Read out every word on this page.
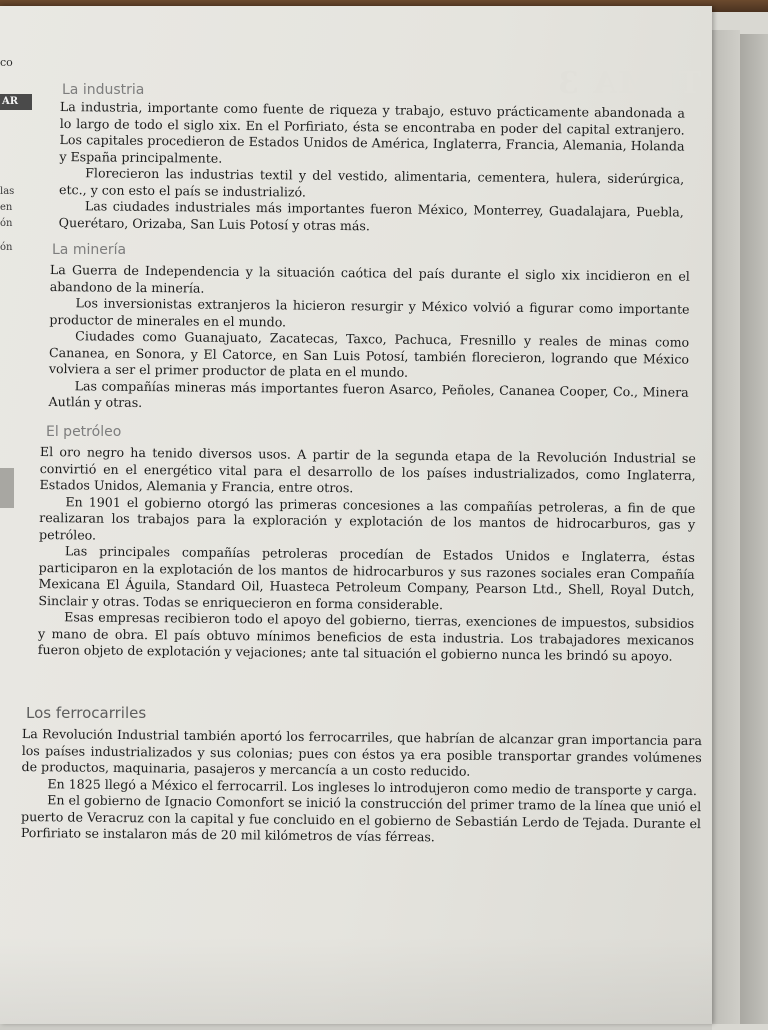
TEMA 3
co
AR
las
en
ón
ón
La industria

La industria, importante como fuente de riqueza y trabajo, estuvo prácticamente abandonada a lo largo de todo el siglo xix. En el Porfiriato, ésta se encontraba en poder del capital extranjero. Los capitales procedieron de Estados Unidos de América, Inglaterra, Francia, Alemania, Holanda y España principalmente.

Florecieron las industrias textil y del vestido, alimentaria, cementera, hulera, siderúrgica, etc., y con esto el país se industrializó.

Las ciudades industriales más importantes fueron México, Monterrey, Guadalajara, Puebla, Querétaro, Orizaba, San Luis Potosí y otras más.

La minería

La Guerra de Independencia y la situación caótica del país durante el siglo xix incidieron en el abandono de la minería.

Los inversionistas extranjeros la hicieron resurgir y México volvió a figurar como importante productor de minerales en el mundo.

Ciudades como Guanajuato, Zacatecas, Taxco, Pachuca, Fresnillo y reales de minas como Cananea, en Sonora, y El Catorce, en San Luis Potosí, también florecieron, logrando que México volviera a ser el primer productor de plata en el mundo.

Las compañías mineras más importantes fueron Asarco, Peñoles, Cananea Cooper, Co., Minera Autlán y otras.

El petróleo

El oro negro ha tenido diversos usos. A partir de la segunda etapa de la Revolución Industrial se convirtió en el energético vital para el desarrollo de los países industrializados, como Inglaterra, Estados Unidos, Alemania y Francia, entre otros.

En 1901 el gobierno otorgó las primeras concesiones a las compañías petroleras, a fin de que realizaran los trabajos para la exploración y explotación de los mantos de hidrocarburos, gas y petróleo.

Las principales compañías petroleras procedían de Estados Unidos e Inglaterra, éstas participaron en la explotación de los mantos de hidrocarburos y sus razones sociales eran Compañía Mexicana El Águila, Standard Oil, Huasteca Petroleum Company, Pearson Ltd., Shell, Royal Dutch, Sinclair y otras. Todas se enriquecieron en forma considerable.

Esas empresas recibieron todo el apoyo del gobierno, tierras, exenciones de impuestos, subsidios y mano de obra. El país obtuvo mínimos beneficios de esta industria. Los trabajadores mexicanos fueron objeto de explotación y vejaciones; ante tal situación el gobierno nunca les brindó su apoyo.

Los ferrocarriles

La Revolución Industrial también aportó los ferrocarriles, que habrían de alcanzar gran importancia para los países industrializados y sus colonias; pues con éstos ya era posible transportar grandes volúmenes de productos, maquinaria, pasajeros y mercancía a un costo reducido.

En 1825 llegó a México el ferrocarril. Los ingleses lo introdujeron como medio de transporte y carga.

En el gobierno de Ignacio Comonfort se inició la construcción del primer tramo de la línea que unió el puerto de Veracruz con la capital y fue concluido en el gobierno de Sebastián Lerdo de Tejada. Durante el Porfiriato se instalaron más de 20 mil kilómetros de vías férreas.
